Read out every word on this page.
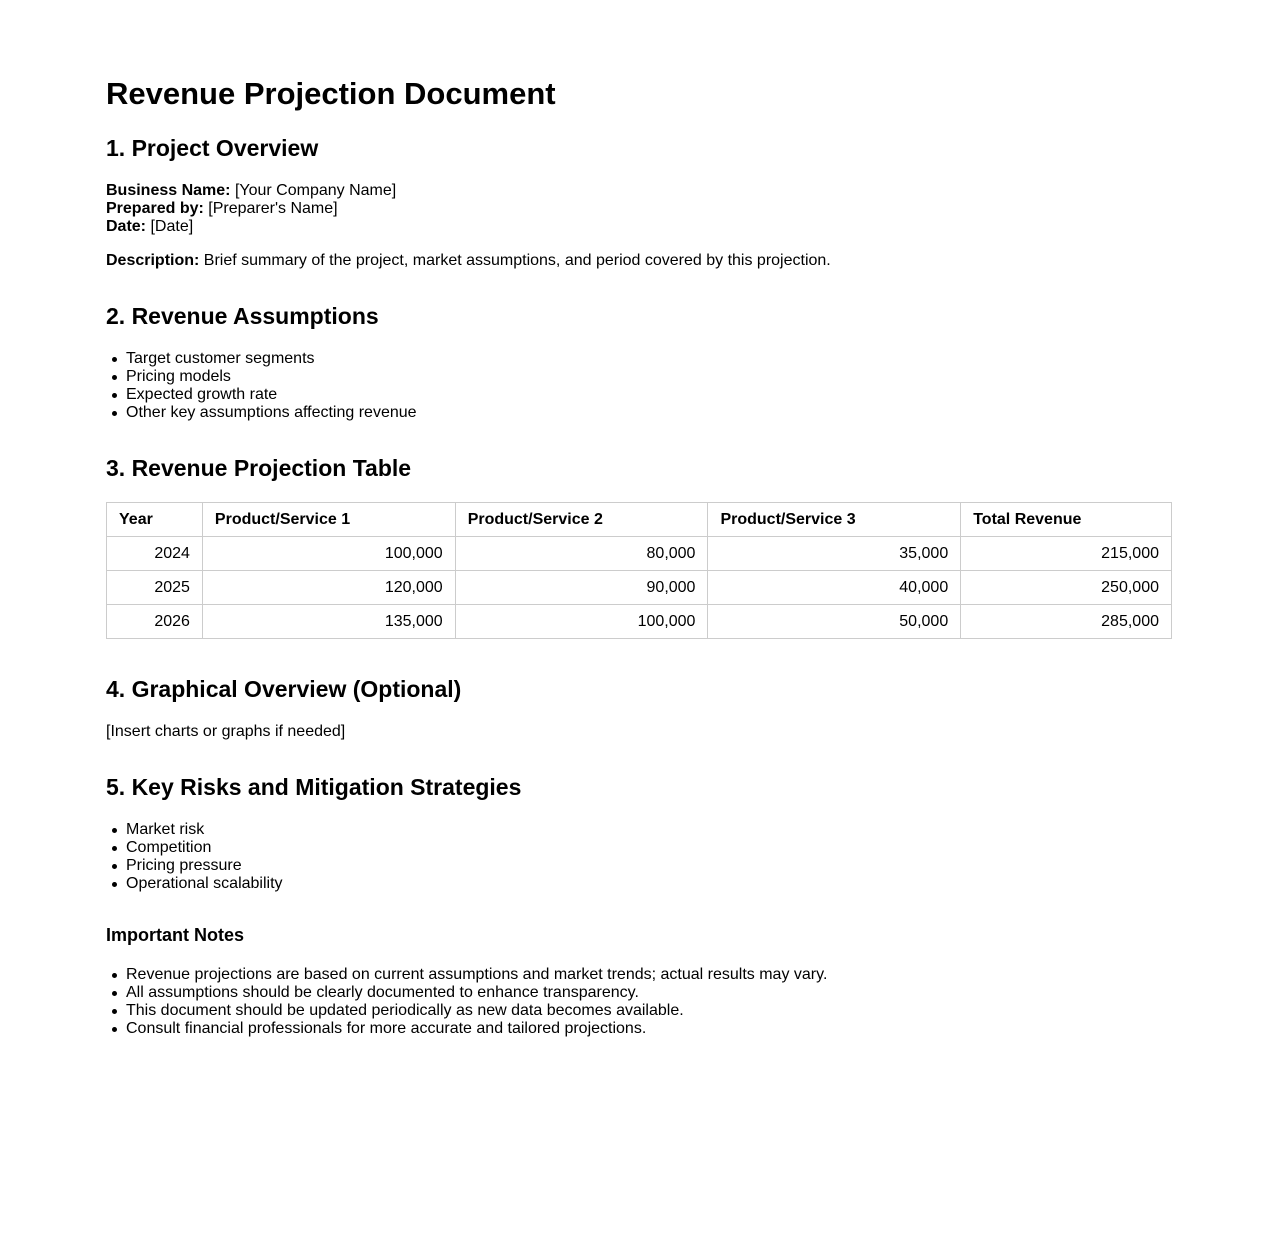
Revenue Projection Document
1. Project Overview
Business Name: [Your Company Name]
Prepared by: [Preparer's Name]
Date: [Date]
Description: Brief summary of the project, market assumptions, and period covered by this projection.
2. Revenue Assumptions
Target customer segments
Pricing models
Expected growth rate
Other key assumptions affecting revenue
3. Revenue Projection Table
Year	Product/Service 1	Product/Service 2	Product/Service 3	Total Revenue
2024	100,000	80,000	35,000	215,000
2025	120,000	90,000	40,000	250,000
2026	135,000	100,000	50,000	285,000
4. Graphical Overview (Optional)
[Insert charts or graphs if needed]
5. Key Risks and Mitigation Strategies
Market risk
Competition
Pricing pressure
Operational scalability
Important Notes
Revenue projections are based on current assumptions and market trends; actual results may vary.
All assumptions should be clearly documented to enhance transparency.
This document should be updated periodically as new data becomes available.
Consult financial professionals for more accurate and tailored projections.
